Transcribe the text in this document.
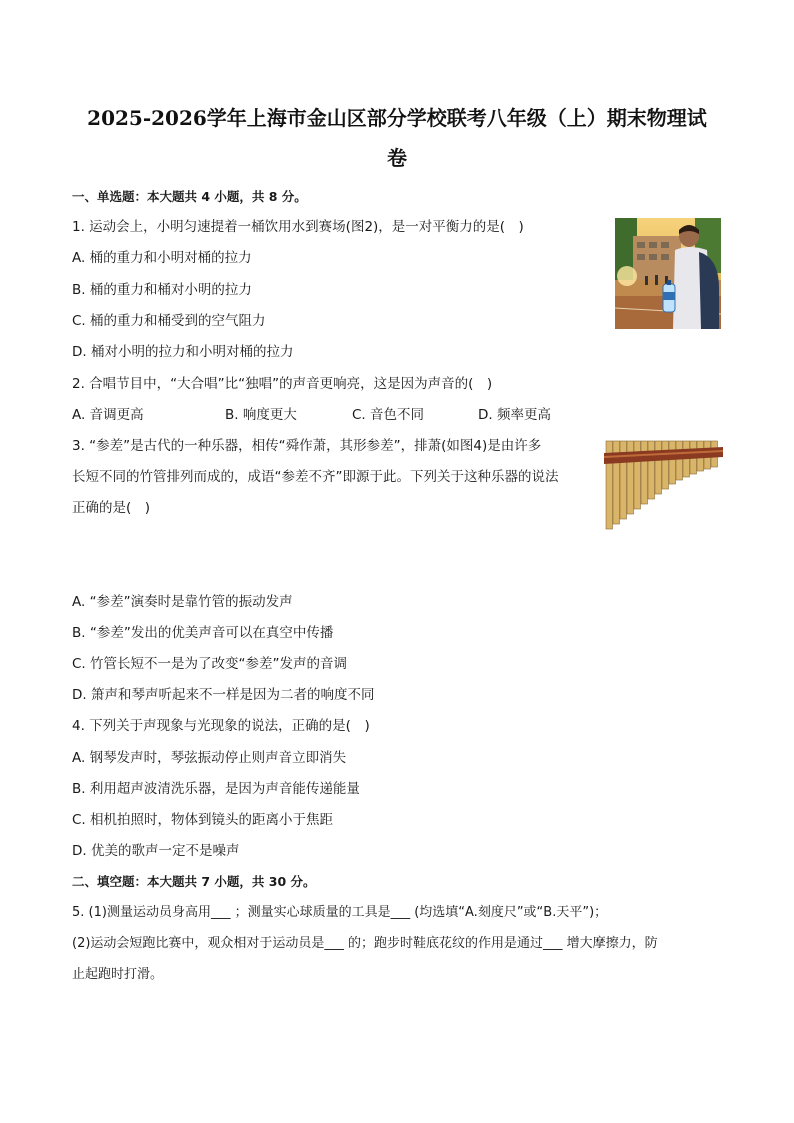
2025-2026学年上海市金山区部分学校联考八年级（上）期末物理试
卷
一、单选题：本大题共 4 小题，共 8 分。
1. 运动会上，小明匀速提着一桶饮用水到赛场(图2)，是一对平衡力的是(　)
A. 桶的重力和小明对桶的拉力
B. 桶的重力和桶对小明的拉力
C. 桶的重力和桶受到的空气阻力
D. 桶对小明的拉力和小明对桶的拉力
2. 合唱节目中，“大合唱”比“独唱”的声音更响亮，这是因为声音的(　)
A. 音调更高	B. 响度更大	C. 音色不同	D. 频率更高
3. “参差”是古代的一种乐器，相传“舜作萧，其形参差”，排萧(如图4)是由许多
长短不同的竹管排列而成的，成语“参差不齐”即源于此。下列关于这种乐器的说法
正确的是(　)
A. “参差”演奏时是靠竹管的振动发声
B. “参差”发出的优美声音可以在真空中传播
C. 竹管长短不一是为了改变“参差”发声的音调
D. 箫声和琴声听起来不一样是因为二者的响度不同
4. 下列关于声现象与光现象的说法，正确的是(　)
A. 钢琴发声时，琴弦振动停止则声音立即消失
B. 利用超声波清洗乐器，是因为声音能传递能量
C. 相机拍照时，物体到镜头的距离小于焦距
D. 优美的歌声一定不是噪声
二、填空题：本大题共 7 小题，共 30 分。
5. (1)测量运动员身高用___ ；测量实心球质量的工具是___ (均选填“A.刻度尺”或“B.天平”)；
(2)运动会短跑比赛中，观众相对于运动员是___ 的；跑步时鞋底花纹的作用是通过___ 增大摩擦力，防
止起跑时打滑。
